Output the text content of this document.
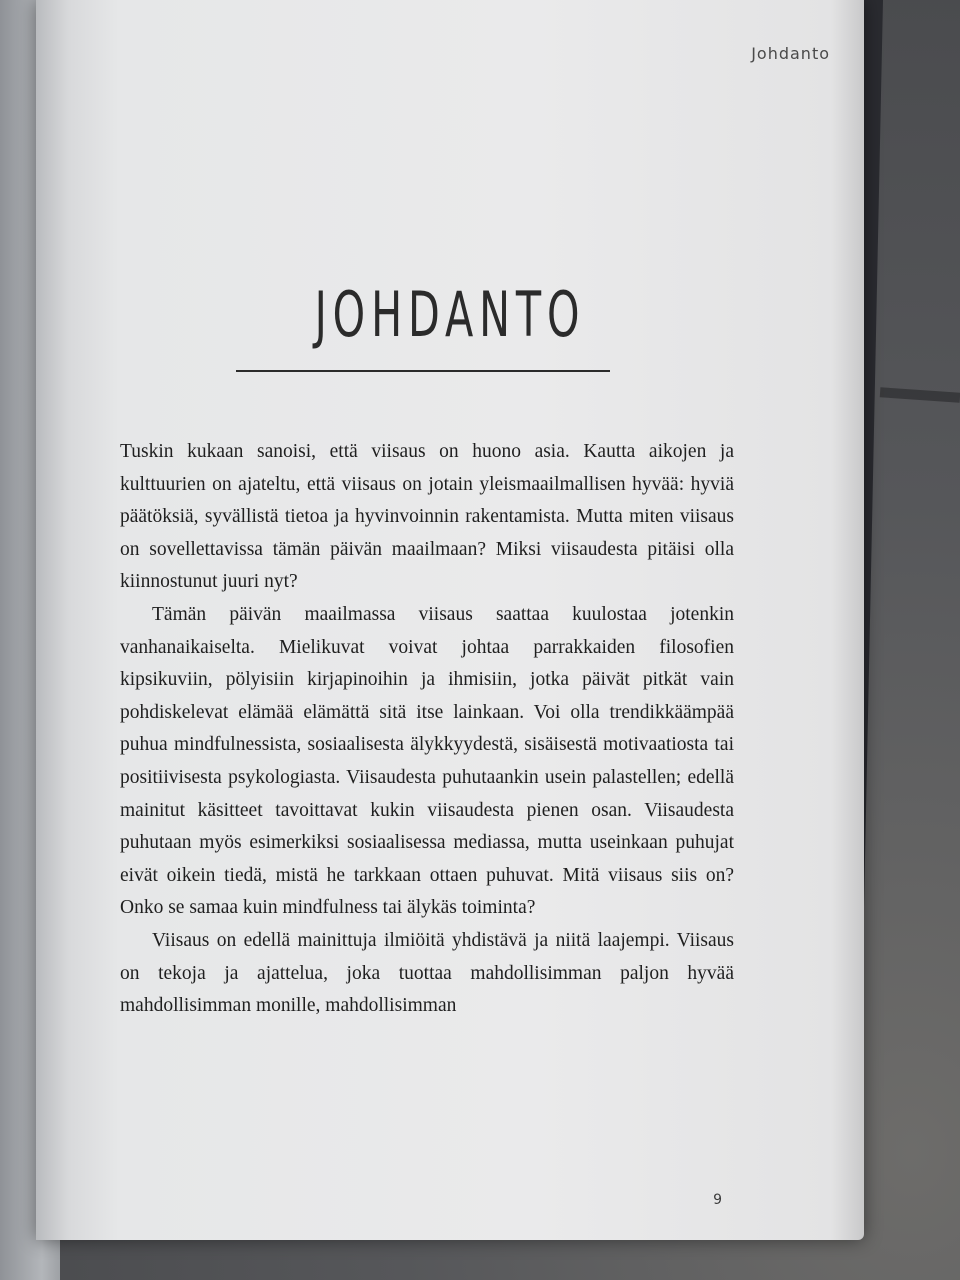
Johdanto
JOHDANTO

Tuskin kukaan sanoisi, että viisaus on huono asia. Kautta aikojen ja kulttuurien on ajateltu, että viisaus on jotain yleismaailmallisen hyvää: hyviä päätöksiä, syvällistä tietoa ja hyvinvoinnin rakentamista. Mutta miten viisaus on sovellettavissa tämän päivän maailmaan? Miksi viisaudesta pitäisi olla kiinnostunut juuri nyt?

Tämän päivän maailmassa viisaus saattaa kuulostaa jotenkin vanhanaikaiselta. Mielikuvat voivat johtaa parrakkaiden filosofien kipsikuviin, pölyisiin kirjapinoihin ja ihmisiin, jotka päivät pitkät vain pohdiskelevat elämää elämättä sitä itse lainkaan. Voi olla trendikkäämpää puhua mindfulnessista, sosiaalisesta älykkyydestä, sisäisestä motivaatiosta tai positiivisesta psykologiasta. Viisaudesta puhutaankin usein palastellen; edellä mainitut käsitteet tavoittavat kukin viisaudesta pienen osan. Viisaudesta puhutaan myös esimerkiksi sosiaalisessa mediassa, mutta useinkaan puhujat eivät oikein tiedä, mistä he tarkkaan ottaen puhuvat. Mitä viisaus siis on? Onko se samaa kuin mindfulness tai älykäs toiminta?

Viisaus on edellä mainittuja ilmiöitä yhdistävä ja niitä laajempi. Viisaus on tekoja ja ajattelua, joka tuottaa mahdollisimman paljon hyvää mahdollisimman monille, mahdollisimman

9
